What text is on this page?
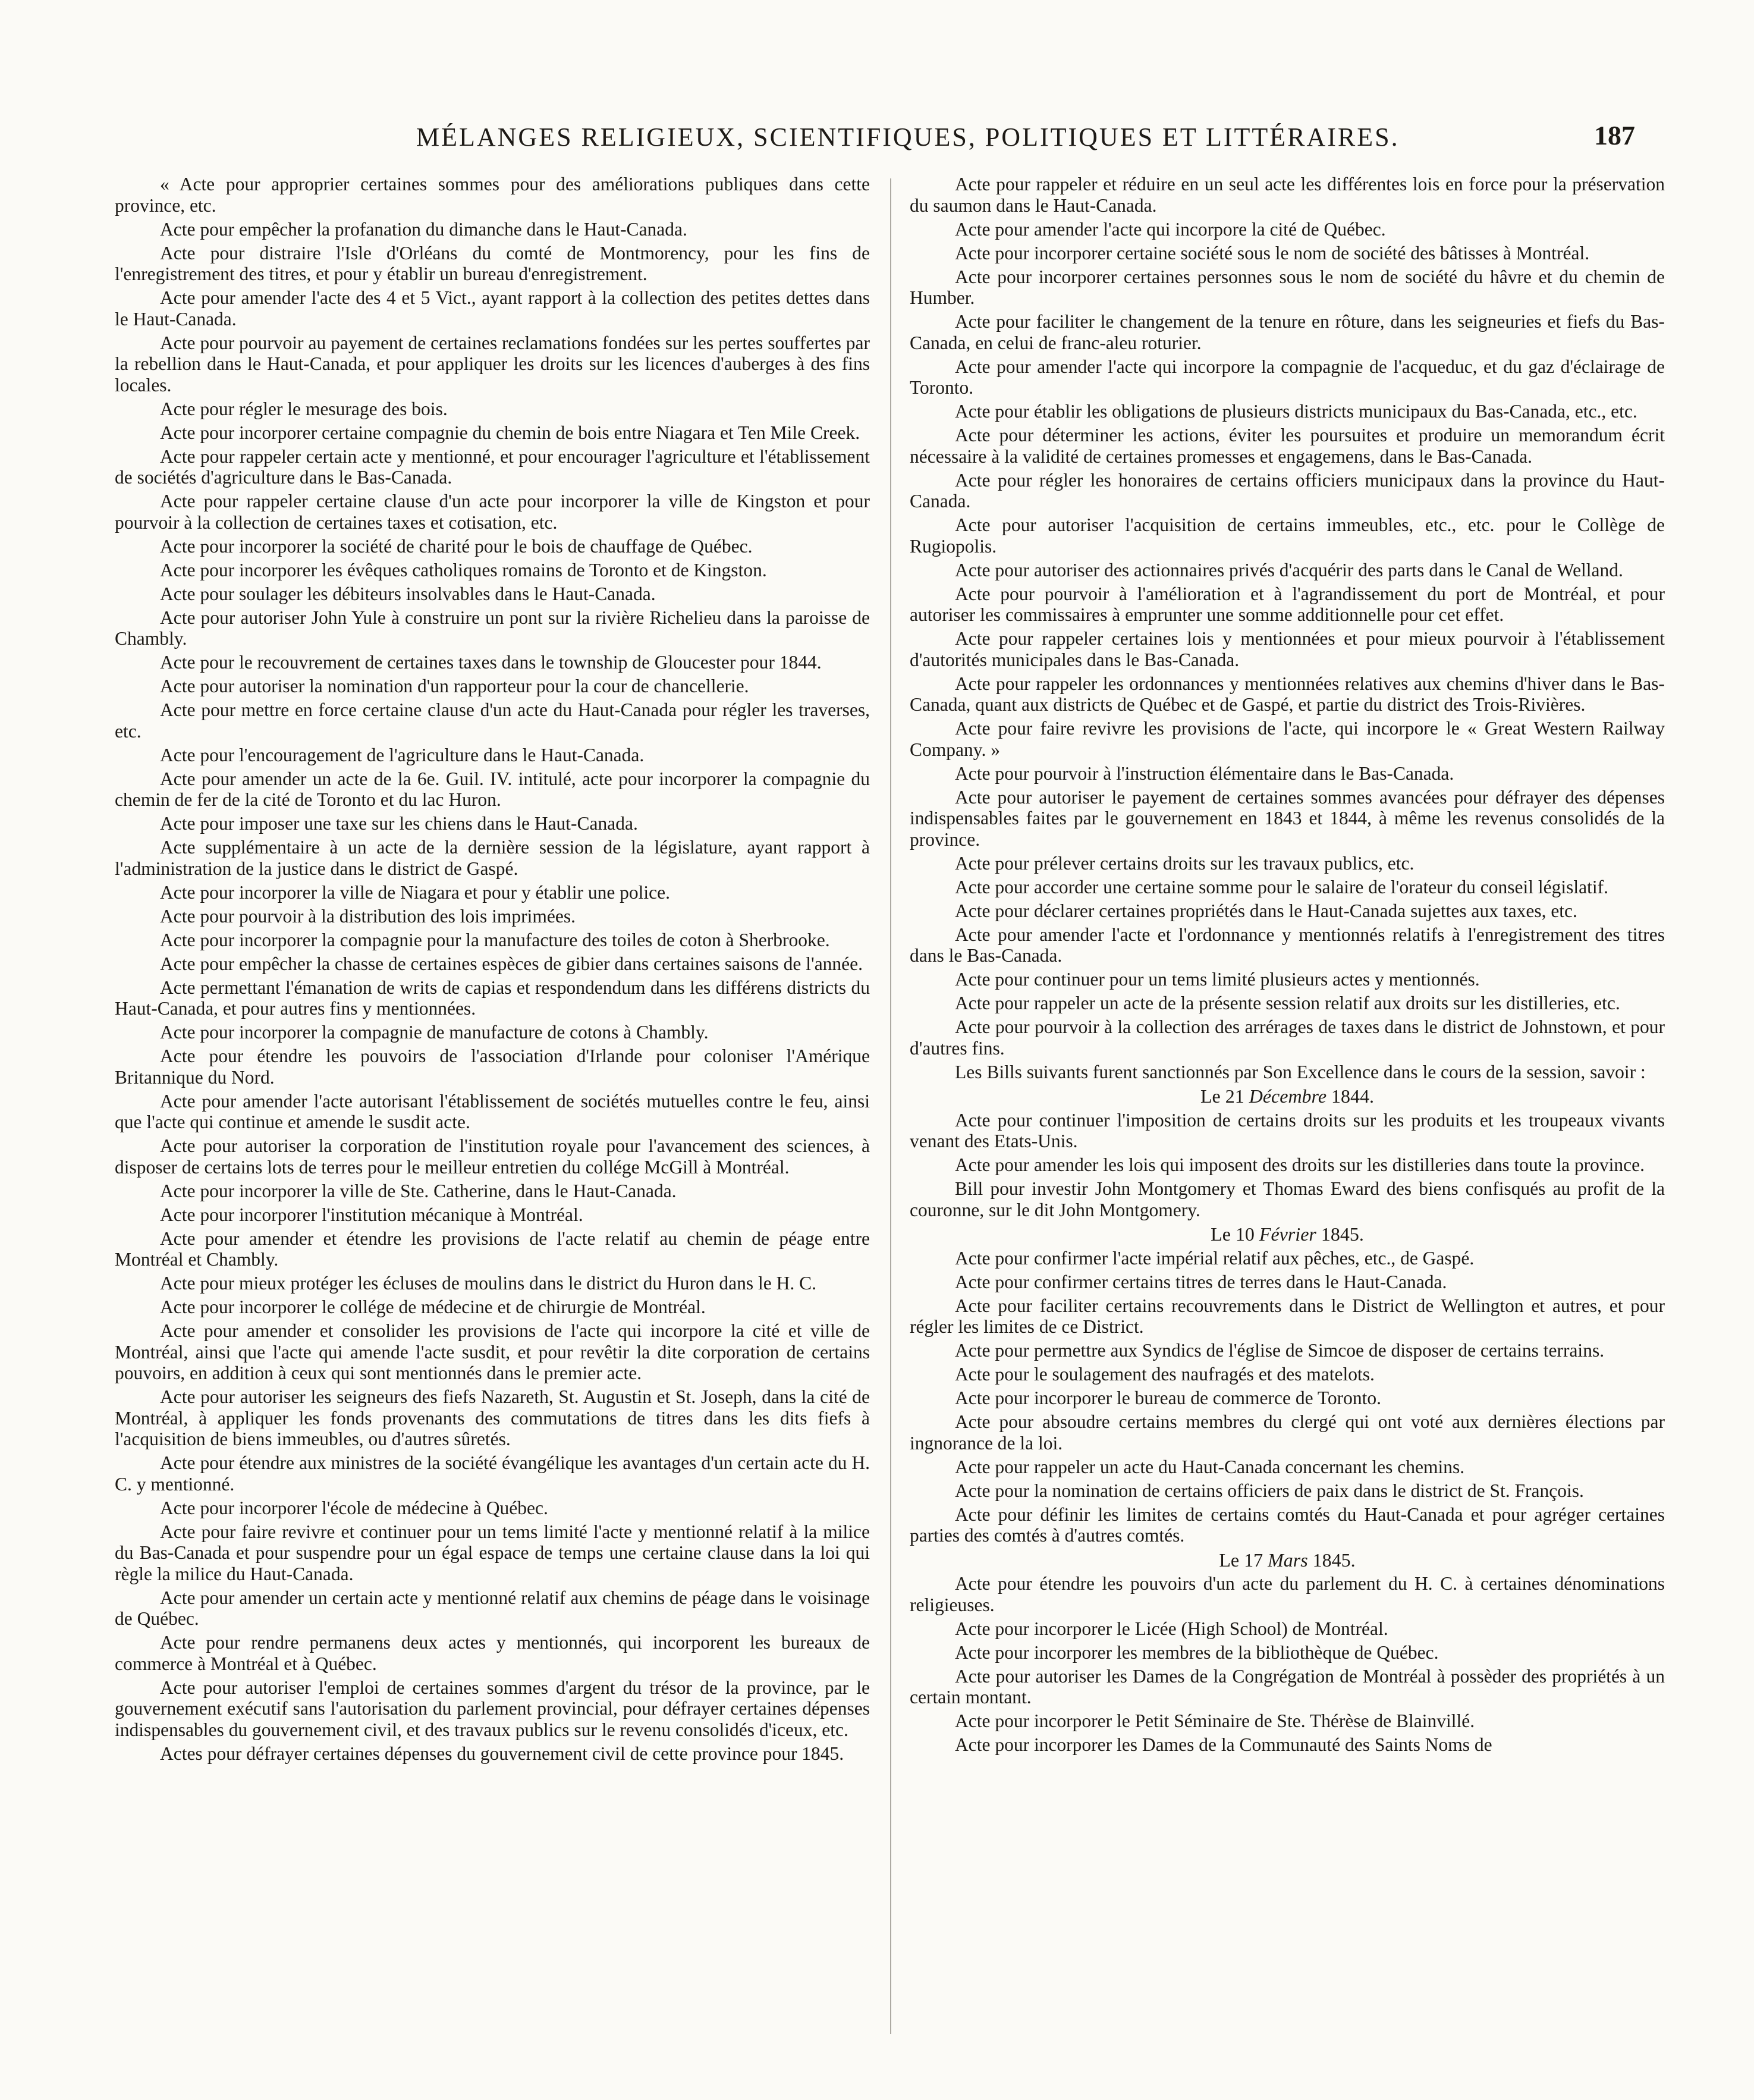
MÉLANGES RELIGIEUX, SCIENTIFIQUES, POLITIQUES ET LITTÉRAIRES.	187

« Acte pour approprier certaines sommes pour des améliorations publiques dans cette province, etc.

Acte pour empêcher la profanation du dimanche dans le Haut-Canada.

Acte pour distraire l'Isle d'Orléans du comté de Montmorency, pour les fins de l'enregistrement des titres, et pour y établir un bureau d'enregistrement.

Acte pour amender l'acte des 4 et 5 Vict., ayant rapport à la collection des petites dettes dans le Haut-Canada.

Acte pour pourvoir au payement de certaines reclamations fondées sur les pertes souffertes par la rebellion dans le Haut-Canada, et pour appliquer les droits sur les licences d'auberges à des fins locales.

Acte pour régler le mesurage des bois.

Acte pour incorporer certaine compagnie du chemin de bois entre Niagara et Ten Mile Creek.

Acte pour rappeler certain acte y mentionné, et pour encourager l'agriculture et l'établissement de sociétés d'agriculture dans le Bas-Canada.

Acte pour rappeler certaine clause d'un acte pour incorporer la ville de Kingston et pour pourvoir à la collection de certaines taxes et cotisation, etc.

Acte pour incorporer la société de charité pour le bois de chauffage de Québec.

Acte pour incorporer les évêques catholiques romains de Toronto et de Kingston.

Acte pour soulager les débiteurs insolvables dans le Haut-Canada.

Acte pour autoriser John Yule à construire un pont sur la rivière Richelieu dans la paroisse de Chambly.

Acte pour le recouvrement de certaines taxes dans le township de Gloucester pour 1844.

Acte pour autoriser la nomination d'un rapporteur pour la cour de chancellerie.

Acte pour mettre en force certaine clause d'un acte du Haut-Canada pour régler les traverses, etc.

Acte pour l'encouragement de l'agriculture dans le Haut-Canada.

Acte pour amender un acte de la 6e. Guil. IV. intitulé, acte pour incorporer la compagnie du chemin de fer de la cité de Toronto et du lac Huron.

Acte pour imposer une taxe sur les chiens dans le Haut-Canada.

Acte supplémentaire à un acte de la dernière session de la législature, ayant rapport à l'administration de la justice dans le district de Gaspé.

Acte pour incorporer la ville de Niagara et pour y établir une police.

Acte pour pourvoir à la distribution des lois imprimées.

Acte pour incorporer la compagnie pour la manufacture des toiles de coton à Sherbrooke.

Acte pour empêcher la chasse de certaines espèces de gibier dans certaines saisons de l'année.

Acte permettant l'émanation de writs de capias et respondendum dans les différens districts du Haut-Canada, et pour autres fins y mentionnées.

Acte pour incorporer la compagnie de manufacture de cotons à Chambly.

Acte pour étendre les pouvoirs de l'association d'Irlande pour coloniser l'Amérique Britannique du Nord.

Acte pour amender l'acte autorisant l'établissement de sociétés mutuelles contre le feu, ainsi que l'acte qui continue et amende le susdit acte.

Acte pour autoriser la corporation de l'institution royale pour l'avancement des sciences, à disposer de certains lots de terres pour le meilleur entretien du collége McGill à Montréal.

Acte pour incorporer la ville de Ste. Catherine, dans le Haut-Canada.

Acte pour incorporer l'institution mécanique à Montréal.

Acte pour amender et étendre les provisions de l'acte relatif au chemin de péage entre Montréal et Chambly.

Acte pour mieux protéger les écluses de moulins dans le district du Huron dans le H. C.

Acte pour incorporer le collége de médecine et de chirurgie de Montréal.

Acte pour amender et consolider les provisions de l'acte qui incorpore la cité et ville de Montréal, ainsi que l'acte qui amende l'acte susdit, et pour revêtir la dite corporation de certains pouvoirs, en addition à ceux qui sont mentionnés dans le premier acte.

Acte pour autoriser les seigneurs des fiefs Nazareth, St. Augustin et St. Joseph, dans la cité de Montréal, à appliquer les fonds provenants des commutations de titres dans les dits fiefs à l'acquisition de biens immeubles, ou d'autres sûretés.

Acte pour étendre aux ministres de la société évangélique les avantages d'un certain acte du H. C. y mentionné.

Acte pour incorporer l'école de médecine à Québec.

Acte pour faire revivre et continuer pour un tems limité l'acte y mentionné relatif à la milice du Bas-Canada et pour suspendre pour un égal espace de temps une certaine clause dans la loi qui règle la milice du Haut-Canada.

Acte pour amender un certain acte y mentionné relatif aux chemins de péage dans le voisinage de Québec.

Acte pour rendre permanens deux actes y mentionnés, qui incorporent les bureaux de commerce à Montréal et à Québec.

Acte pour autoriser l'emploi de certaines sommes d'argent du trésor de la province, par le gouvernement exécutif sans l'autorisation du parlement provincial, pour défrayer certaines dépenses indispensables du gouvernement civil, et des travaux publics sur le revenu consolidés d'iceux, etc.

Actes pour défrayer certaines dépenses du gouvernement civil de cette province pour 1845.

Acte pour rappeler et réduire en un seul acte les différentes lois en force pour la préservation du saumon dans le Haut-Canada.

Acte pour amender l'acte qui incorpore la cité de Québec.

Acte pour incorporer certaine société sous le nom de société des bâtisses à Montréal.

Acte pour incorporer certaines personnes sous le nom de société du hâvre et du chemin de Humber.

Acte pour faciliter le changement de la tenure en rôture, dans les seigneuries et fiefs du Bas-Canada, en celui de franc-aleu roturier.

Acte pour amender l'acte qui incorpore la compagnie de l'acqueduc, et du gaz d'éclairage de Toronto.

Acte pour établir les obligations de plusieurs districts municipaux du Bas-Canada, etc., etc.

Acte pour déterminer les actions, éviter les poursuites et produire un memorandum écrit nécessaire à la validité de certaines promesses et engagemens, dans le Bas-Canada.

Acte pour régler les honoraires de certains officiers municipaux dans la province du Haut-Canada.

Acte pour autoriser l'acquisition de certains immeubles, etc., etc. pour le Collège de Rugiopolis.

Acte pour autoriser des actionnaires privés d'acquérir des parts dans le Canal de Welland.

Acte pour pourvoir à l'amélioration et à l'agrandissement du port de Montréal, et pour autoriser les commissaires à emprunter une somme additionnelle pour cet effet.

Acte pour rappeler certaines lois y mentionnées et pour mieux pourvoir à l'établissement d'autorités municipales dans le Bas-Canada.

Acte pour rappeler les ordonnances y mentionnées relatives aux chemins d'hiver dans le Bas-Canada, quant aux districts de Québec et de Gaspé, et partie du district des Trois-Rivières.

Acte pour faire revivre les provisions de l'acte, qui incorpore le « Great Western Railway Company. »

Acte pour pourvoir à l'instruction élémentaire dans le Bas-Canada.

Acte pour autoriser le payement de certaines sommes avancées pour défrayer des dépenses indispensables faites par le gouvernement en 1843 et 1844, à même les revenus consolidés de la province.

Acte pour prélever certains droits sur les travaux publics, etc.

Acte pour accorder une certaine somme pour le salaire de l'orateur du conseil législatif.

Acte pour déclarer certaines propriétés dans le Haut-Canada sujettes aux taxes, etc.

Acte pour amender l'acte et l'ordonnance y mentionnés relatifs à l'enregistrement des titres dans le Bas-Canada.

Acte pour continuer pour un tems limité plusieurs actes y mentionnés.

Acte pour rappeler un acte de la présente session relatif aux droits sur les distilleries, etc.

Acte pour pourvoir à la collection des arrérages de taxes dans le district de Johnstown, et pour d'autres fins.

Les Bills suivants furent sanctionnés par Son Excellence dans le cours de la session, savoir :

Le 21 Décembre 1844.

Acte pour continuer l'imposition de certains droits sur les produits et les troupeaux vivants venant des Etats-Unis.

Acte pour amender les lois qui imposent des droits sur les distilleries dans toute la province.

Bill pour investir John Montgomery et Thomas Eward des biens confisqués au profit de la couronne, sur le dit John Montgomery.

Le 10 Février 1845.

Acte pour confirmer l'acte impérial relatif aux pêches, etc., de Gaspé.

Acte pour confirmer certains titres de terres dans le Haut-Canada.

Acte pour faciliter certains recouvrements dans le District de Wellington et autres, et pour régler les limites de ce District.

Acte pour permettre aux Syndics de l'église de Simcoe de disposer de certains terrains.

Acte pour le soulagement des naufragés et des matelots.

Acte pour incorporer le bureau de commerce de Toronto.

Acte pour absoudre certains membres du clergé qui ont voté aux dernières élections par ingnorance de la loi.

Acte pour rappeler un acte du Haut-Canada concernant les chemins.

Acte pour la nomination de certains officiers de paix dans le district de St. François.

Acte pour définir les limites de certains comtés du Haut-Canada et pour agréger certaines parties des comtés à d'autres comtés.

Le 17 Mars 1845.

Acte pour étendre les pouvoirs d'un acte du parlement du H. C. à certaines dénominations religieuses.

Acte pour incorporer le Licée (High School) de Montréal.

Acte pour incorporer les membres de la bibliothèque de Québec.

Acte pour autoriser les Dames de la Congrégation de Montréal à possèder des propriétés à un certain montant.

Acte pour incorporer le Petit Séminaire de Ste. Thérèse de Blainvillé.

Acte pour incorporer les Dames de la Communauté des Saints Noms de
